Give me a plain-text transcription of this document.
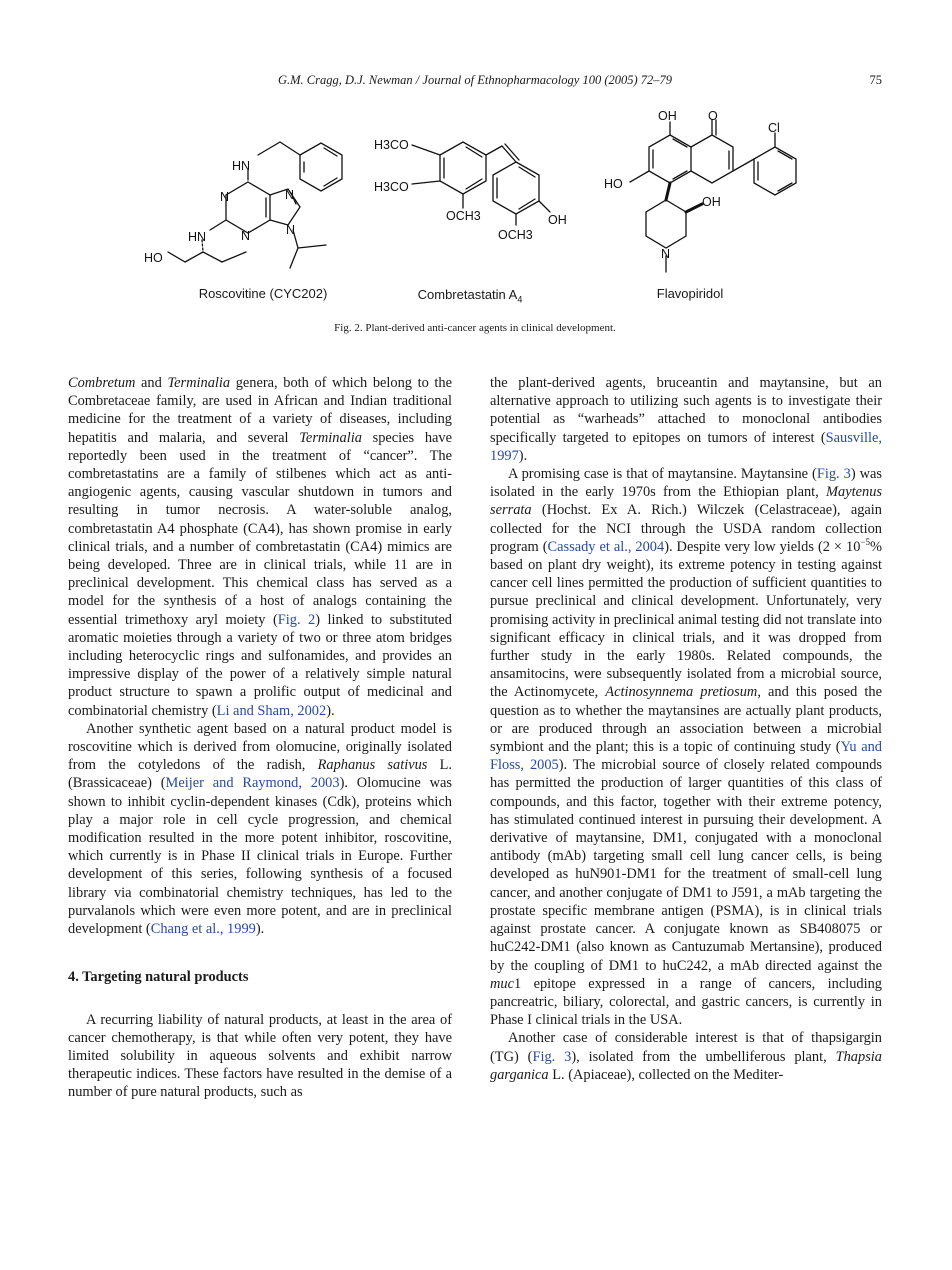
G.M. Cragg, D.J. Newman / Journal of Ethnopharmacology 100 (2005) 72–79	75
HN
N	N
N	N
HN
HO
H3CO
H3CO
OCH3	OH
OCH3
OH	O
Cl
HO
OH
N
Roscovitine (CYC202)	Combretastatin $A_4$	Flavopiridol
Fig. 2. Plant-derived anti-cancer agents in clinical development.

Combretum and Terminalia genera, both of which belong to the Combretaceae family, are used in African and Indian traditional medicine for the treatment of a variety of diseases, including hepatitis and malaria, and several Terminalia species have reportedly been used in the treatment of “cancer”. The combretastatins are a family of stilbenes which act as anti-angiogenic agents, causing vascular shutdown in tumors and resulting in tumor necrosis. A water-soluble analog, combretastatin A4 phosphate (CA4), has shown promise in early clinical trials, and a number of combretastatin (CA4) mimics are being developed. Three are in clinical trials, while 11 are in preclinical development. This chemical class has served as a model for the synthesis of a host of analogs containing the essential trimethoxy aryl moiety (Fig. 2) linked to substituted aromatic moieties through a variety of two or three atom bridges including heterocyclic rings and sulfonamides, and provides an impressive display of the power of a relatively simple natural product structure to spawn a prolific output of medicinal and combinatorial chemistry (Li and Sham, 2002).

Another synthetic agent based on a natural product model is roscovitine which is derived from olomucine, originally isolated from the cotyledons of the radish, Raphanus sativus L. (Brassicaceae) (Meijer and Raymond, 2003). Olomucine was shown to inhibit cyclin-dependent kinases (Cdk), proteins which play a major role in cell cycle progression, and chemical modification resulted in the more potent inhibitor, roscovitine, which currently is in Phase II clinical trials in Europe. Further development of this series, following synthesis of a focused library via combinatorial chemistry techniques, has led to the purvalanols which were even more potent, and are in preclinical development (Chang et al., 1999).

4. Targeting natural products

A recurring liability of natural products, at least in the area of cancer chemotherapy, is that while often very potent, they have limited solubility in aqueous solvents and exhibit narrow therapeutic indices. These factors have resulted in the demise of a number of pure natural products, such as

the plant-derived agents, bruceantin and maytansine, but an alternative approach to utilizing such agents is to investigate their potential as “warheads” attached to monoclonal antibodies specifically targeted to epitopes on tumors of interest (Sausville, 1997).

A promising case is that of maytansine. Maytansine (Fig. 3) was isolated in the early 1970s from the Ethiopian plant, Maytenus serrata (Hochst. Ex A. Rich.) Wilczek (Celastraceae), again collected for the NCI through the USDA random collection program (Cassady et al., 2004). Despite very low yields ($2 \times 10^{-5}\%$ based on plant dry weight), its extreme potency in testing against cancer cell lines permitted the production of sufficient quantities to pursue preclinical and clinical development. Unfortunately, very promising activity in preclinical animal testing did not translate into significant efficacy in clinical trials, and it was dropped from further study in the early 1980s. Related compounds, the ansamitocins, were subsequently isolated from a microbial source, the Actinomycete, Actinosynnema pretiosum, and this posed the question as to whether the maytansines are actually plant products, or are produced through an association between a microbial symbiont and the plant; this is a topic of continuing study (Yu and Floss, 2005). The microbial source of closely related compounds has permitted the production of larger quantities of this class of compounds, and this factor, together with their extreme potency, has stimulated continued interest in pursuing their development. A derivative of maytansine, DM1, conjugated with a monoclonal antibody (mAb) targeting small cell lung cancer cells, is being developed as huN901-DM1 for the treatment of small-cell lung cancer, and another conjugate of DM1 to J591, a mAb targeting the prostate specific membrane antigen (PSMA), is in clinical trials against prostate cancer. A conjugate known as SB408075 or huC242-DM1 (also known as Cantuzumab Mertansine), produced by the coupling of DM1 to huC242, a mAb directed against the muc1 epitope expressed in a range of cancers, including pancreatric, biliary, colorectal, and gastric cancers, is currently in Phase I clinical trials in the USA.

Another case of considerable interest is that of thapsigargin (TG) (Fig. 3), isolated from the umbelliferous plant, Thapsia garganica L. (Apiaceae), collected on the Mediter-
